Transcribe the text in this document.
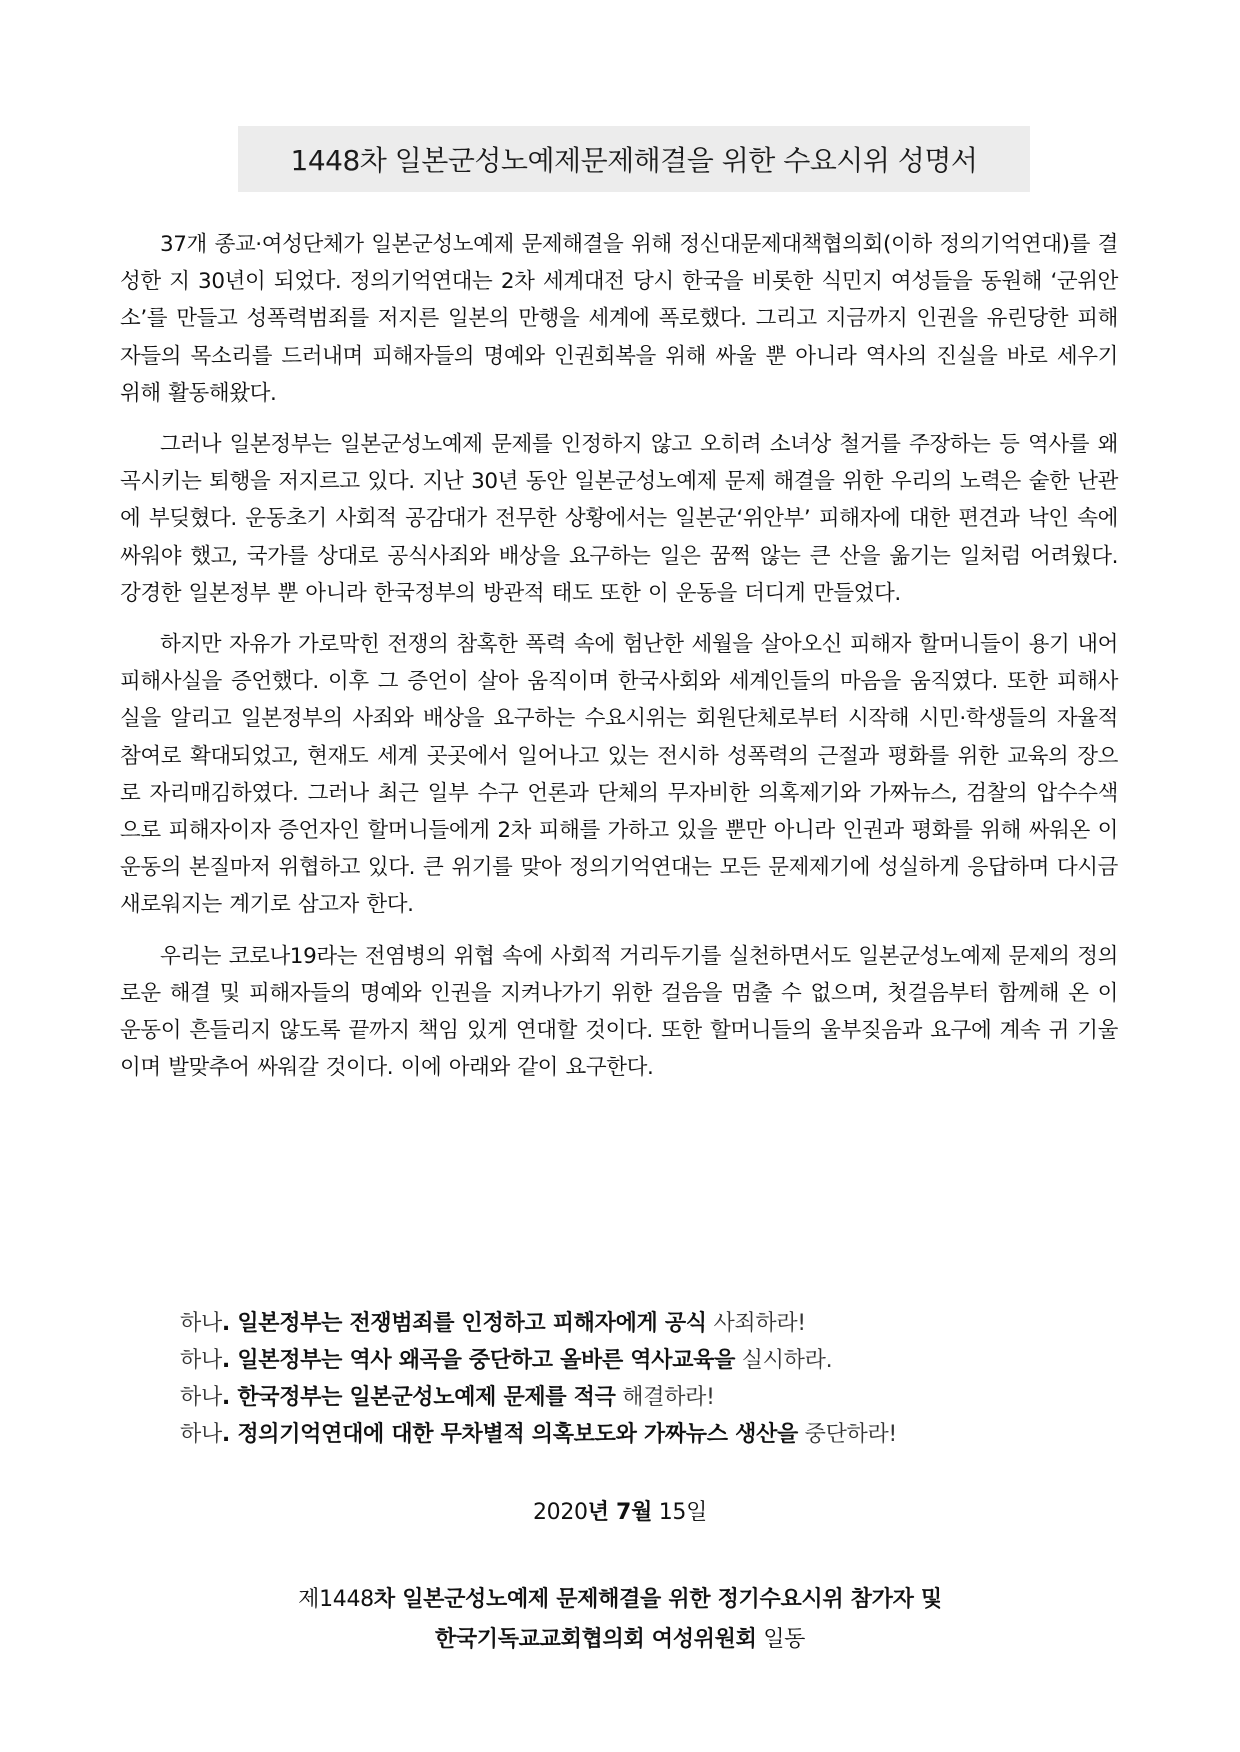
1448차 일본군성노예제문제해결을 위한 수요시위 성명서

37개 종교·여성단체가 일본군성노예제 문제해결을 위해 정신대문제대책협의회(이하 정의기억연대)를 결성한 지 30년이 되었다. 정의기억연대는 2차 세계대전 당시 한국을 비롯한 식민지 여성들을 동원해 ‘군위안소’를 만들고 성폭력범죄를 저지른 일본의 만행을 세계에 폭로했다. 그리고 지금까지 인권을 유린당한 피해자들의 목소리를 드러내며 피해자들의 명예와 인권회복을 위해 싸울 뿐 아니라 역사의 진실을 바로 세우기 위해 활동해왔다.

그러나 일본정부는 일본군성노예제 문제를 인정하지 않고 오히려 소녀상 철거를 주장하는 등 역사를 왜곡시키는 퇴행을 저지르고 있다. 지난 30년 동안 일본군성노예제 문제 해결을 위한 우리의 노력은 숱한 난관에 부딪혔다. 운동초기 사회적 공감대가 전무한 상황에서는 일본군‘위안부’ 피해자에 대한 편견과 낙인 속에 싸워야 했고, 국가를 상대로 공식사죄와 배상을 요구하는 일은 꿈쩍 않는 큰 산을 옮기는 일처럼 어려웠다. 강경한 일본정부 뿐 아니라 한국정부의 방관적 태도 또한 이 운동을 더디게 만들었다.

하지만 자유가 가로막힌 전쟁의 참혹한 폭력 속에 험난한 세월을 살아오신 피해자 할머니들이 용기 내어 피해사실을 증언했다. 이후 그 증언이 살아 움직이며 한국사회와 세계인들의 마음을 움직였다. 또한 피해사실을 알리고 일본정부의 사죄와 배상을 요구하는 수요시위는 회원단체로부터 시작해 시민·학생들의 자율적 참여로 확대되었고, 현재도 세계 곳곳에서 일어나고 있는 전시하 성폭력의 근절과 평화를 위한 교육의 장으로 자리매김하였다. 그러나 최근 일부 수구 언론과 단체의 무자비한 의혹제기와 가짜뉴스, 검찰의 압수수색으로 피해자이자 증언자인 할머니들에게 2차 피해를 가하고 있을 뿐만 아니라 인권과 평화를 위해 싸워온 이 운동의 본질마저 위협하고 있다. 큰 위기를 맞아 정의기억연대는 모든 문제제기에 성실하게 응답하며 다시금 새로워지는 계기로 삼고자 한다.

우리는 코로나19라는 전염병의 위협 속에 사회적 거리두기를 실천하면서도 일본군성노예제 문제의 정의로운 해결 및 피해자들의 명예와 인권을 지켜나가기 위한 걸음을 멈출 수 없으며, 첫걸음부터 함께해 온 이 운동이 흔들리지 않도록 끝까지 책임 있게 연대할 것이다. 또한 할머니들의 울부짖음과 요구에 계속 귀 기울이며 발맞추어 싸워갈 것이다. 이에 아래와 같이 요구한다.

하나. 일본정부는 전쟁범죄를 인정하고 피해자에게 공식 사죄하라!
하나. 일본정부는 역사 왜곡을 중단하고 올바른 역사교육을 실시하라.
하나. 한국정부는 일본군성노예제 문제를 적극 해결하라!
하나. 정의기억연대에 대한 무차별적 의혹보도와 가짜뉴스 생산을 중단하라!
2020년 7월 15일
제1448차 일본군성노예제 문제해결을 위한 정기수요시위 참가자 및
한국기독교교회협의회 여성위원회 일동
